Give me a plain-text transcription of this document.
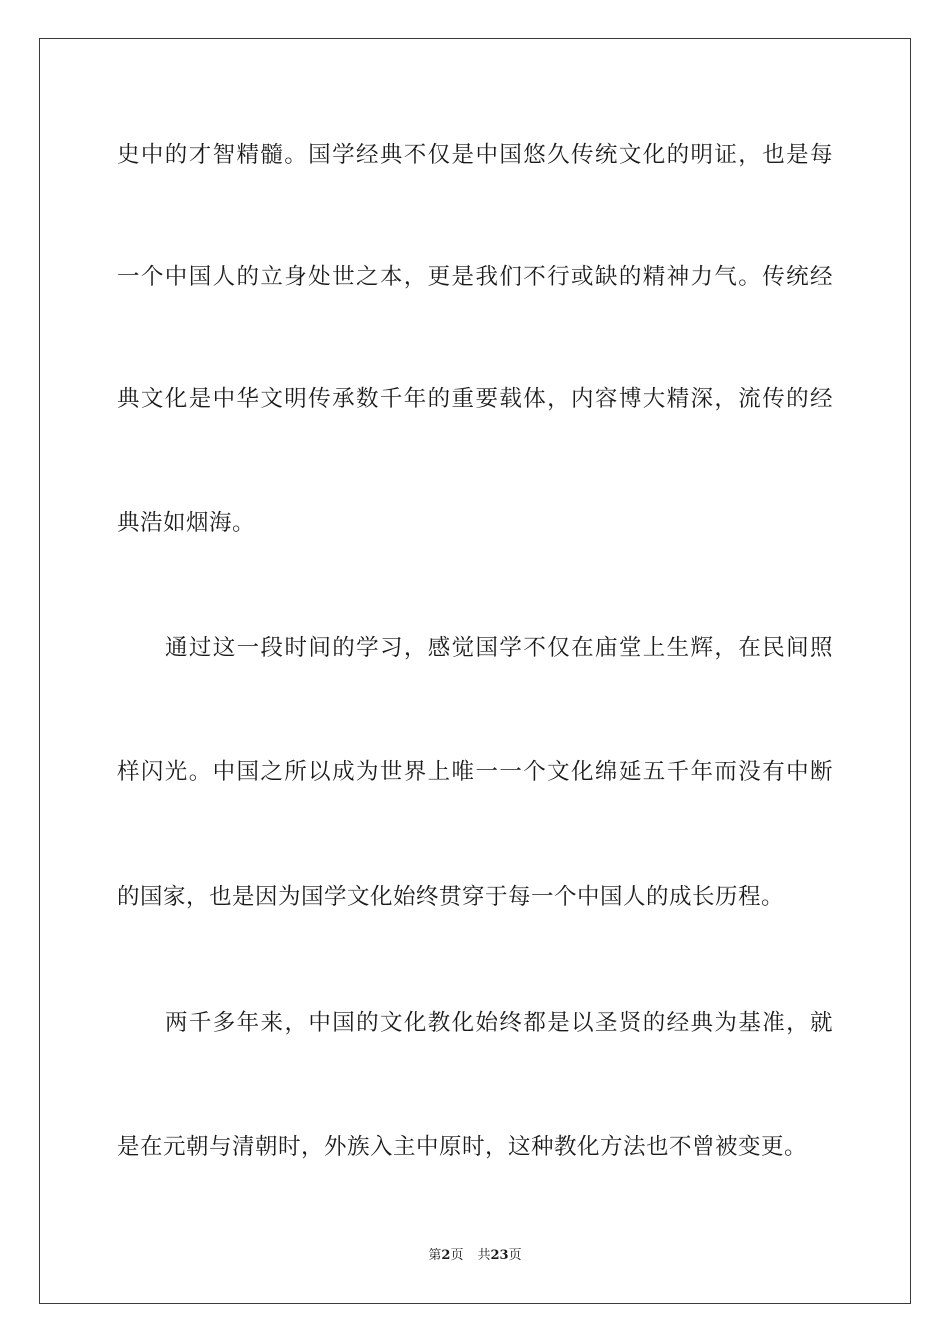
史中的才智精髓。国学经典不仅是中国悠久传统文化的明证，也是每
一个中国人的立身处世之本，更是我们不行或缺的精神力气。传统经
典文化是中华文明传承数千年的重要载体，内容博大精深，流传的经
典浩如烟海。
通过这一段时间的学习，感觉国学不仅在庙堂上生辉，在民间照
样闪光。中国之所以成为世界上唯一一个文化绵延五千年而没有中断
的国家，也是因为国学文化始终贯穿于每一个中国人的成长历程。
两千多年来，中国的文化教化始终都是以圣贤的经典为基准，就
是在元朝与清朝时，外族入主中原时，这种教化方法也不曾被变更。
第2页 共23页
